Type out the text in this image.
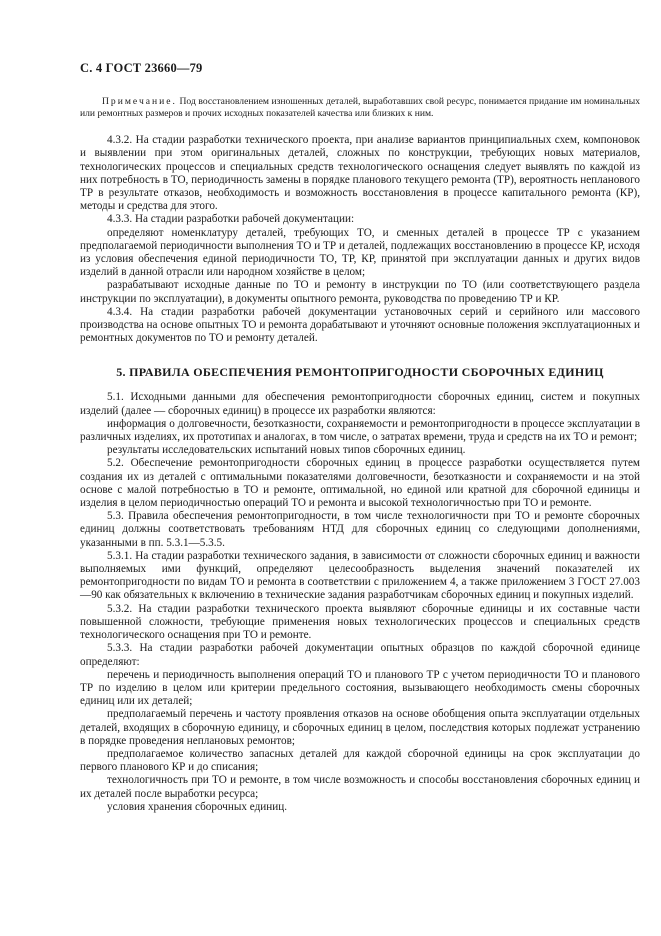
С. 4 ГОСТ 23660—79
Примечание. Под восстановлением изношенных деталей, выработавших свой ресурс, понимается придание им номинальных или ремонтных размеров и прочих исходных показателей качества или близких к ним.

4.3.2. На стадии разработки технического проекта, при анализе вариантов принципиальных схем, компоновок и выявлении при этом оригинальных деталей, сложных по конструкции, требующих новых материалов, технологических процессов и специальных средств технологического оснащения следует выявлять по каждой из них потребность в ТО, периодичность замены в порядке планового текущего ремонта (ТР), вероятность непланового ТР в результате отказов, необходимость и возможность восстановления в процессе капитального ремонта (КР), методы и средства для этого.

4.3.3. На стадии разработки рабочей документации:

определяют номенклатуру деталей, требующих ТО, и сменных деталей в процессе ТР с указанием предполагаемой периодичности выполнения ТО и ТР и деталей, подлежащих восстановлению в процессе КР, исходя из условия обеспечения единой периодичности ТО, ТР, КР, принятой при эксплуатации данных и других видов изделий в данной отрасли или народном хозяйстве в целом;

разрабатывают исходные данные по ТО и ремонту в инструкции по ТО (или соответствующего раздела инструкции по эксплуатации), в документы опытного ремонта, руководства по проведению ТР и КР.

4.3.4. На стадии разработки рабочей документации установочных серий и серийного или массового производства на основе опытных ТО и ремонта дорабатывают и уточняют основные положения эксплуатационных и ремонтных документов по ТО и ремонту деталей.

5. ПРАВИЛА ОБЕСПЕЧЕНИЯ РЕМОНТОПРИГОДНОСТИ СБОРОЧНЫХ ЕДИНИЦ

5.1. Исходными данными для обеспечения ремонтопригодности сборочных единиц, систем и покупных изделий (далее — сборочных единиц) в процессе их разработки являются:

информация о долговечности, безотказности, сохраняемости и ремонтопригодности в процессе эксплуатации в различных изделиях, их прототипах и аналогах, в том числе, о затратах времени, труда и средств на их ТО и ремонт;

результаты исследовательских испытаний новых типов сборочных единиц.

5.2. Обеспечение ремонтопригодности сборочных единиц в процессе разработки осуществляется путем создания их из деталей с оптимальными показателями долговечности, безотказности и сохраняемости и на этой основе с малой потребностью в ТО и ремонте, оптимальной, но единой или кратной для сборочной единицы и изделия в целом периодичностью операций ТО и ремонта и высокой технологичностью при ТО и ремонте.

5.3. Правила обеспечения ремонтопригодности, в том числе технологичности при ТО и ремонте сборочных единиц должны соответствовать требованиям НТД для сборочных единиц со следующими дополнениями, указанными в пп. 5.3.1—5.3.5.

5.3.1. На стадии разработки технического задания, в зависимости от сложности сборочных единиц и важности выполняемых ими функций, определяют целесообразность выделения значений показателей их ремонтопригодности по видам ТО и ремонта в соответствии с приложением 4, а также приложением 3 ГОСТ 27.003—90 как обязательных к включению в технические задания разработчикам сборочных единиц и покупных изделий.

5.3.2. На стадии разработки технического проекта выявляют сборочные единицы и их составные части повышенной сложности, требующие применения новых технологических процессов и специальных средств технологического оснащения при ТО и ремонте.

5.3.3. На стадии разработки рабочей документации опытных образцов по каждой сборочной единице определяют:

перечень и периодичность выполнения операций ТО и планового ТР с учетом периодичности ТО и планового ТР по изделию в целом или критерии предельного состояния, вызывающего необходимость смены сборочных единиц или их деталей;

предполагаемый перечень и частоту проявления отказов на основе обобщения опыта эксплуатации отдельных деталей, входящих в сборочную единицу, и сборочных единиц в целом, последствия которых подлежат устранению в порядке проведения неплановых ремонтов;

предполагаемое количество запасных деталей для каждой сборочной единицы на срок эксплуатации до первого планового КР и до списания;

технологичность при ТО и ремонте, в том числе возможность и способы восстановления сборочных единиц и их деталей после выработки ресурса;

условия хранения сборочных единиц.
